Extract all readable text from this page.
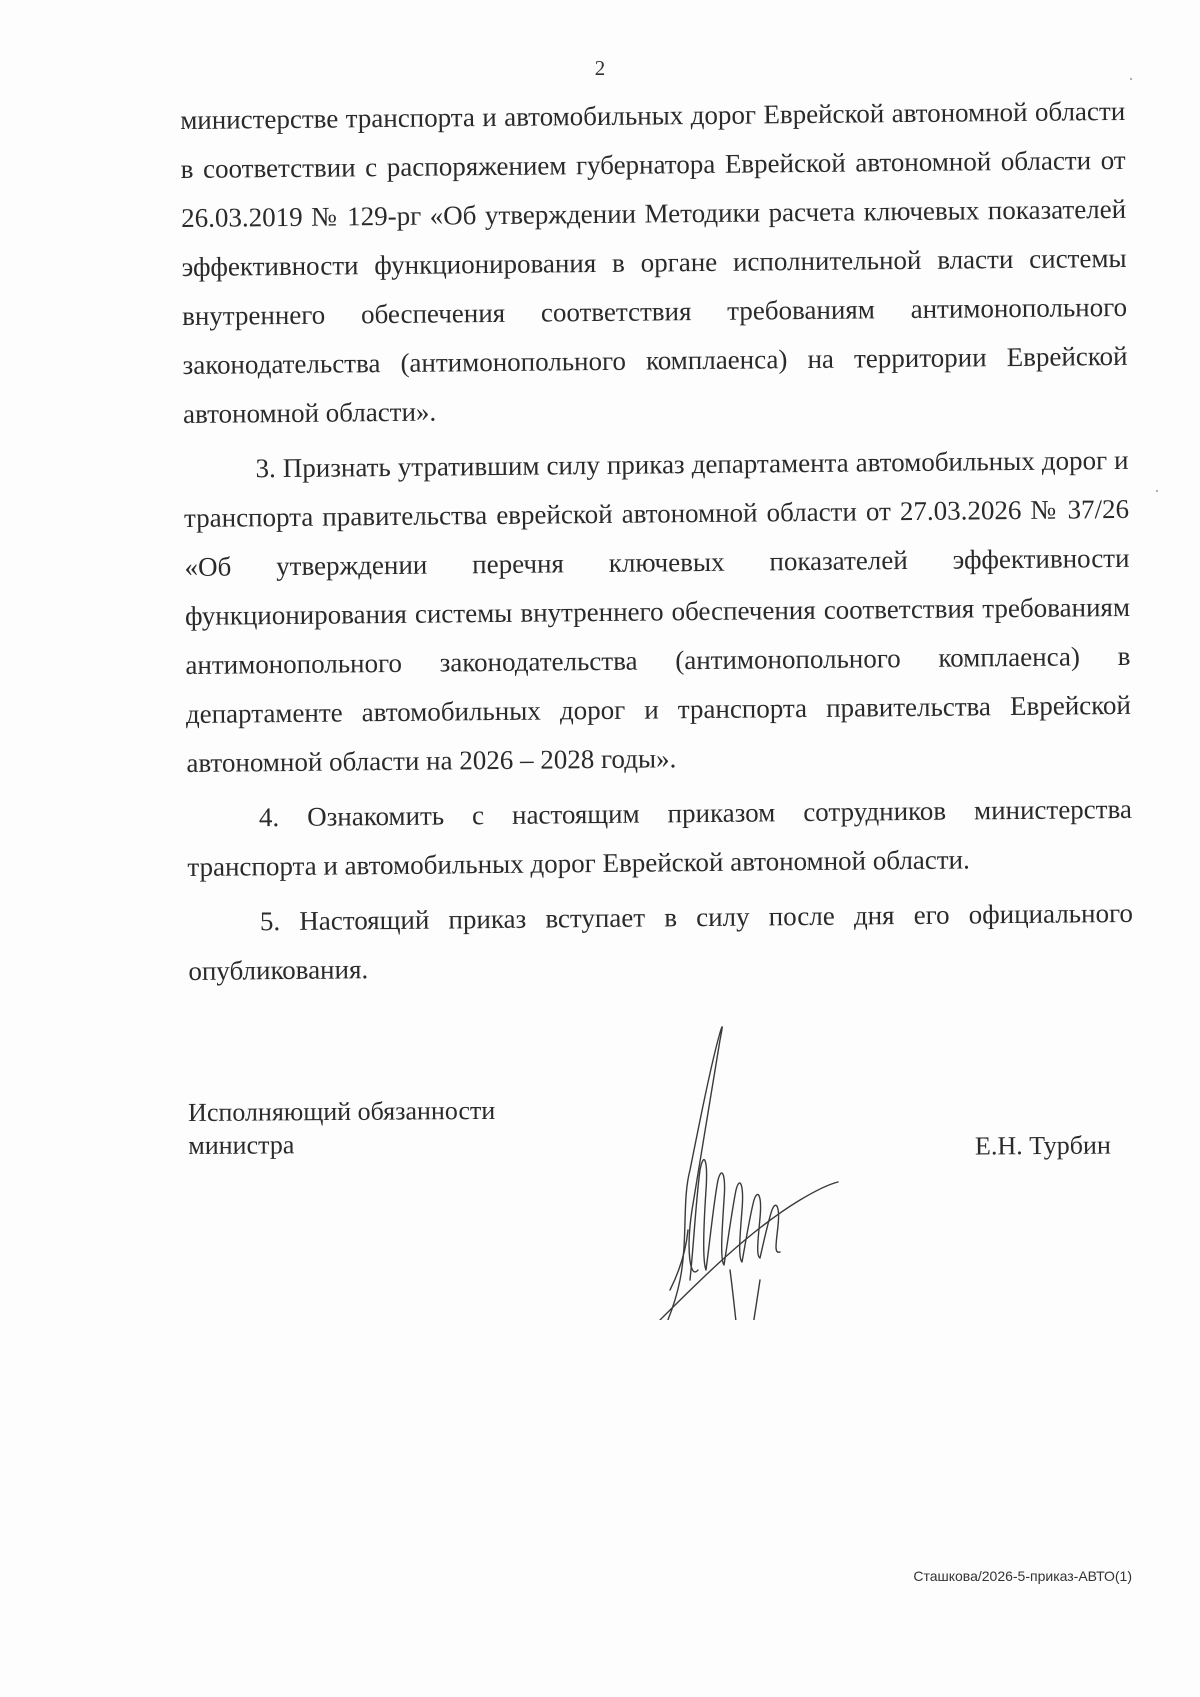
2

министерстве транспорта и автомобильных дорог Еврейской автономной области в соответствии с распоряжением губернатора Еврейской автономной области от 26.03.2019 № 129-рг «Об утверждении Методики расчета ключевых показателей эффективности функционирования в органе исполнительной власти системы внутреннего обеспечения соответствия требованиям антимонопольного законодательства (антимонопольного комплаенса) на территории Еврейской автономной области».

3. Признать утратившим силу приказ департамента автомобильных дорог и транспорта правительства еврейской автономной области от 27.03.2026 № 37/26 «Об утверждении перечня ключевых показателей эффективности функционирования системы внутреннего обеспечения соответствия требованиям антимонопольного законодательства (антимонопольного комплаенса) в департаменте автомобильных дорог и транспорта правительства Еврейской автономной области на 2026 – 2028 годы».

4. Ознакомить с настоящим приказом сотрудников министерства транспорта и автомобильных дорог Еврейской автономной области.

5. Настоящий приказ вступает в силу после дня его официального опубликования.

Исполняющий обязанности
министра	Е.Н. Турбин
Сташкова/2026-5-приказ-АВТО(1)
